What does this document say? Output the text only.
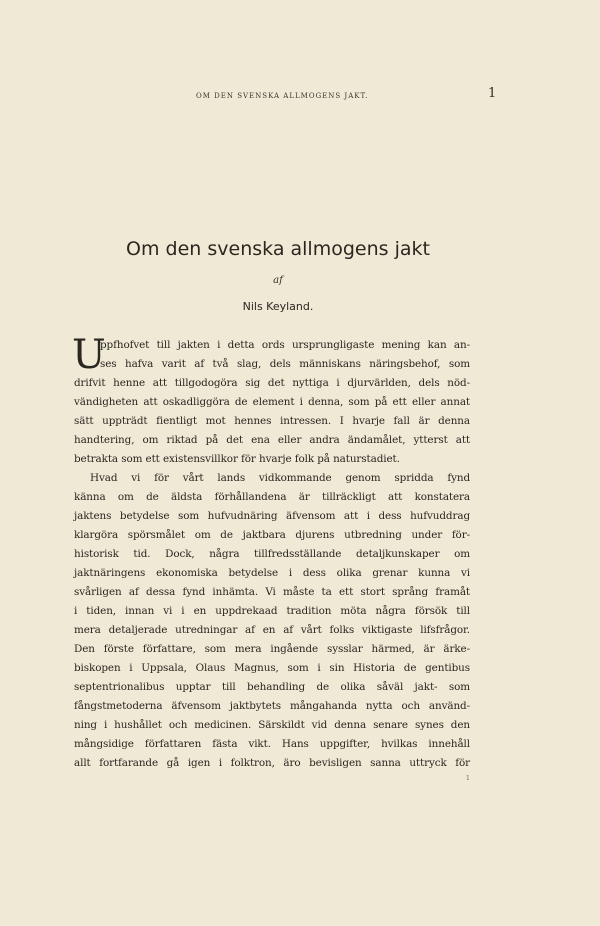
OM DEN SVENSKA ALLMOGENS JAKT.	1
Om den svenska allmogens jakt
af
Nils Keyland.
U
ppfhofvet till jakten i detta ords ursprungligaste mening kan an-
ses hafva varit af två slag, dels människans näringsbehof, som
drifvit henne att tillgodogöra sig det nyttiga i djurvärlden, dels nöd-
vändigheten att oskadliggöra de element i denna, som på ett eller annat
sätt uppträdt fientligt mot hennes intressen. I hvarje fall är denna
handtering, om riktad på det ena eller andra ändamålet, ytterst att
betrakta som ett existensvillkor för hvarje folk på naturstadiet.
Hvad vi för vårt lands vidkommande genom spridda fynd
känna om de äldsta förhållandena är tillräckligt att konstatera
jaktens betydelse som hufvudnäring äfvensom att i dess hufvuddrag
klargöra spörsmålet om de jaktbara djurens utbredning under för-
historisk tid. Dock, några tillfredsställande detaljkunskaper om
jaktnäringens ekonomiska betydelse i dess olika grenar kunna vi
svårligen af dessa fynd inhämta. Vi måste ta ett stort språng framåt
i tiden, innan vi i en uppdrekaad tradition möta några försök till
mera detaljerade utredningar af en af vårt folks viktigaste lifsfrågor.
Den förste författare, som mera ingående sysslar härmed, är ärke-
biskopen i Uppsala, Olaus Magnus, som i sin Historia de gentibus
septentrionalibus upptar till behandling de olika såväl jakt- som
fångstmetoderna äfvensom jaktbytets mångahanda nytta och använd-
ning i hushållet och medicinen. Särskildt vid denna senare synes den
mångsidige författaren fästa vikt. Hans uppgifter, hvilkas innehåll
allt fortfarande gå igen i folktron, äro bevisligen sanna uttryck för
1
